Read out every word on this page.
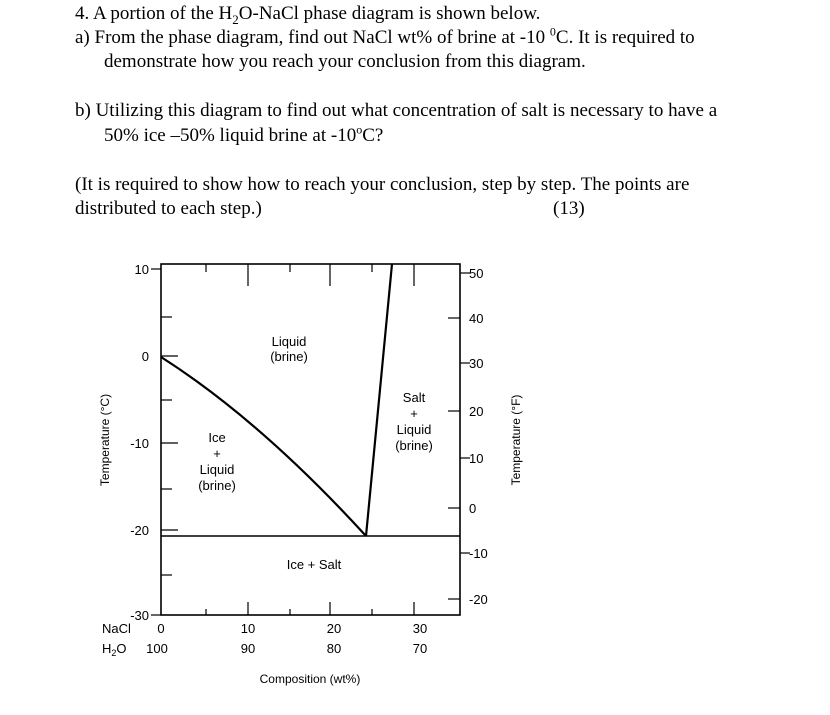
4. A portion of the $H_2O$-NaCl phase diagram is shown below.
a) From the phase diagram, find out NaCl wt% of brine at -10 $^0$C. It is required to
demonstrate how you reach your conclusion from this diagram.
b) Utilizing this diagram to find out what concentration of salt is necessary to have a
50% ice –50% liquid brine at -10$^o$C?
(It is required to show how to reach your conclusion, step by step. The points are
distributed to each step.)	(13)
10
0
-10
-20
-30
50
40
30
20
10
0
-10
-20
NaCl
$H_2O$
0	10	20	30
100	90	80	70
Composition (wt%)
Temperature (°C)	Temperature (°F)
Liquid
(brine)
Ice
+
Liquid
(brine)
Salt
+
Liquid
(brine)
Ice + Salt
